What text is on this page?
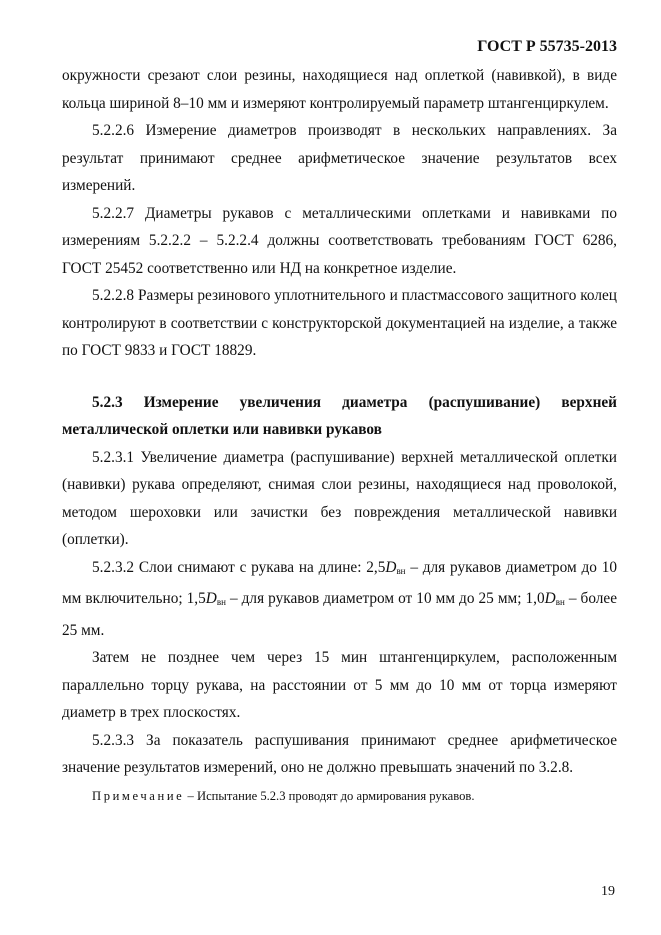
ГОСТ Р 55735-2013

окружности срезают слои резины, находящиеся над оплеткой (навивкой), в виде кольца шириной 8–10 мм и измеряют контролируемый параметр штангенциркулем.

5.2.2.6 Измерение диаметров производят в нескольких направлениях. За результат принимают среднее арифметическое значение результатов всех измерений.

5.2.2.7 Диаметры рукавов с металлическими оплетками и навивками по измерениям 5.2.2.2 – 5.2.2.4 должны соответствовать требованиям ГОСТ 6286, ГОСТ 25452 соответственно или НД на конкретное изделие.

5.2.2.8 Размеры резинового уплотнительного и пластмассового защитного колец контролируют в соответствии с конструкторской документацией на изделие, а также по ГОСТ 9833 и ГОСТ 18829.

5.2.3 Измерение увеличения диаметра (распушивание) верхней металлической оплетки или навивки рукавов

5.2.3.1 Увеличение диаметра (распушивание) верхней металлической оплетки (навивки) рукава определяют, снимая слои резины, находящиеся над проволокой, методом шероховки или зачистки без повреждения металлической навивки (оплетки).

5.2.3.2 Слои снимают с рукава на длине: $2,5D_{вн}$ – для рукавов диаметром до 10 мм включительно; $1,5D_{вн}$ – для рукавов диаметром от 10 мм до 25 мм; $1,0D_{вн}$ – более 25 мм.

Затем не позднее чем через 15 мин штангенциркулем, расположенным параллельно торцу рукава, на расстоянии от 5 мм до 10 мм от торца измеряют диаметр в трех плоскостях.

5.2.3.3 За показатель распушивания принимают среднее арифметическое значение результатов измерений, оно не должно превышать значений по 3.2.8.

Примечание – Испытание 5.2.3 проводят до армирования рукавов.

19
